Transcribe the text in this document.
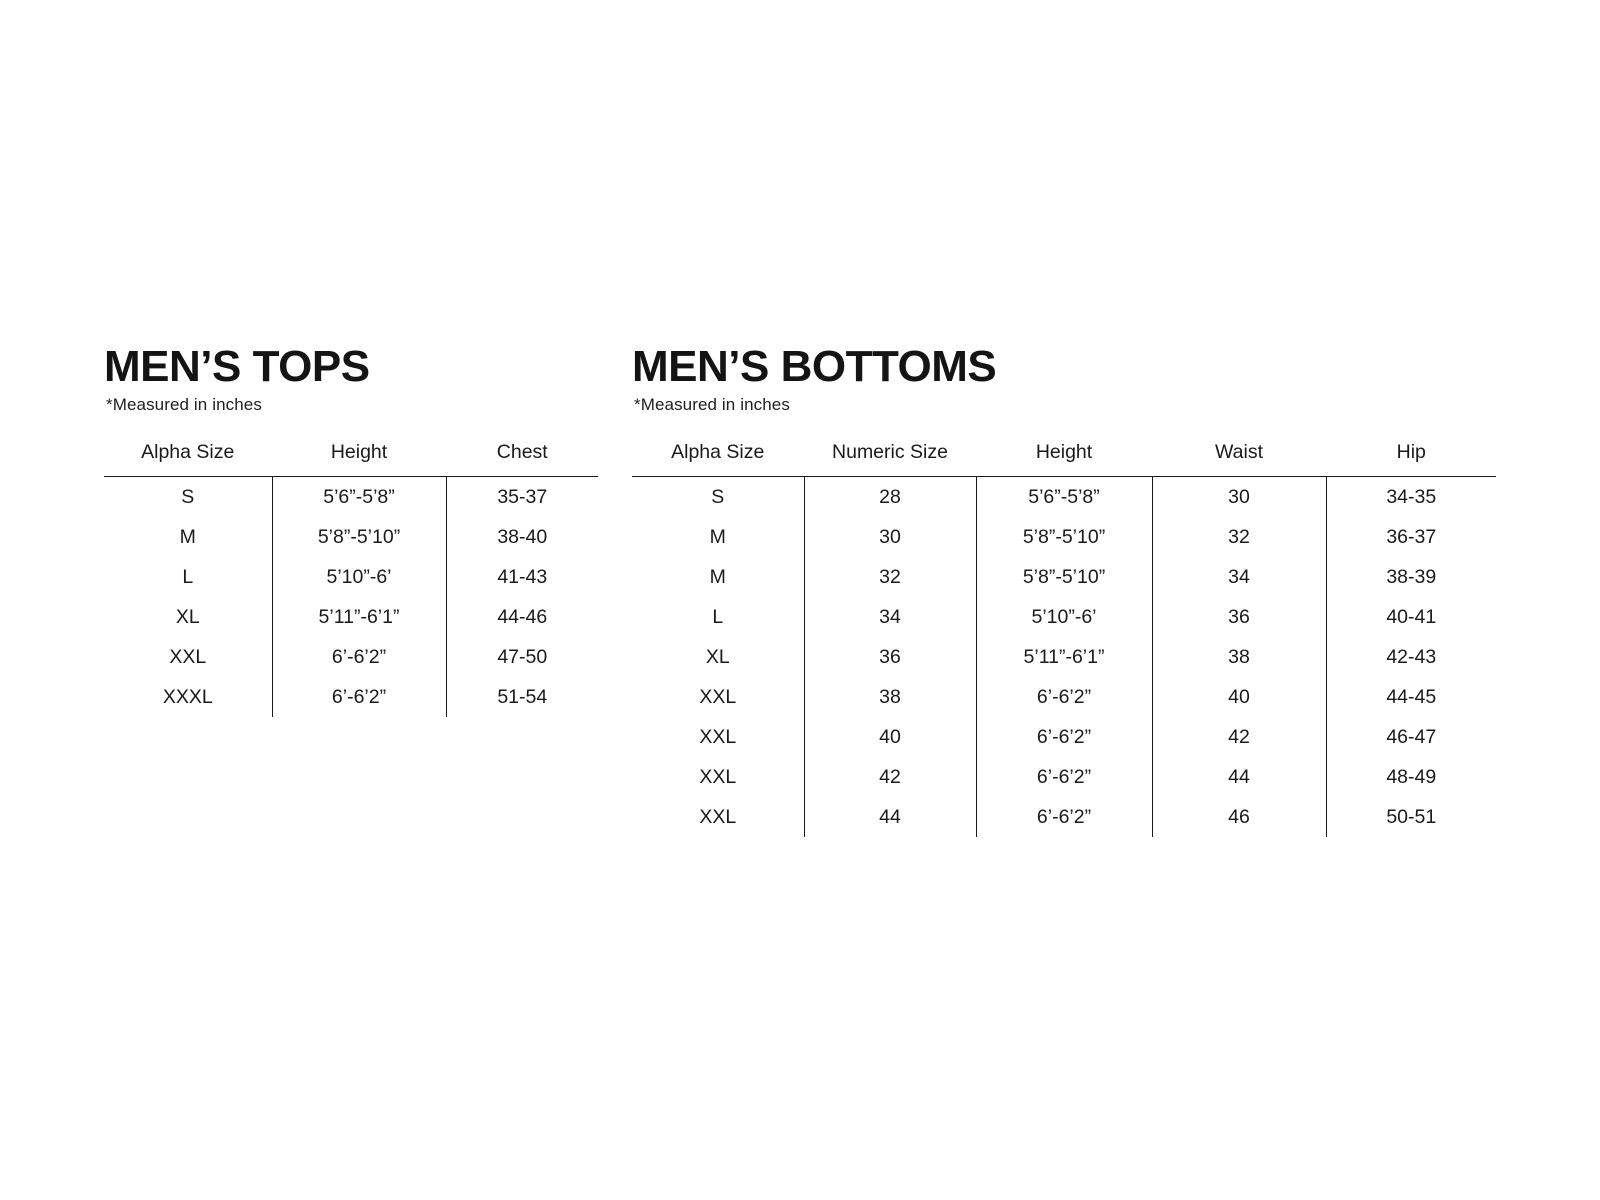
MEN’S TOPS
*Measured in inches
Alpha Size	Height	Chest
S	5’6”-5’8”	35-37
M	5’8”-5’10”	38-40
L	5’10”-6’	41-43
XL	5’11”-6’1”	44-46
XXL	6’-6’2”	47-50
XXXL	6’-6’2”	51-54
MEN’S BOTTOMS
*Measured in inches
Alpha Size	Numeric Size	Height	Waist	Hip
S	28	5’6”-5’8”	30	34-35
M	30	5’8”-5’10”	32	36-37
M	32	5’8”-5’10”	34	38-39
L	34	5’10”-6’	36	40-41
XL	36	5’11”-6’1”	38	42-43
XXL	38	6’-6’2”	40	44-45
XXL	40	6’-6’2”	42	46-47
XXL	42	6’-6’2”	44	48-49
XXL	44	6’-6’2”	46	50-51
